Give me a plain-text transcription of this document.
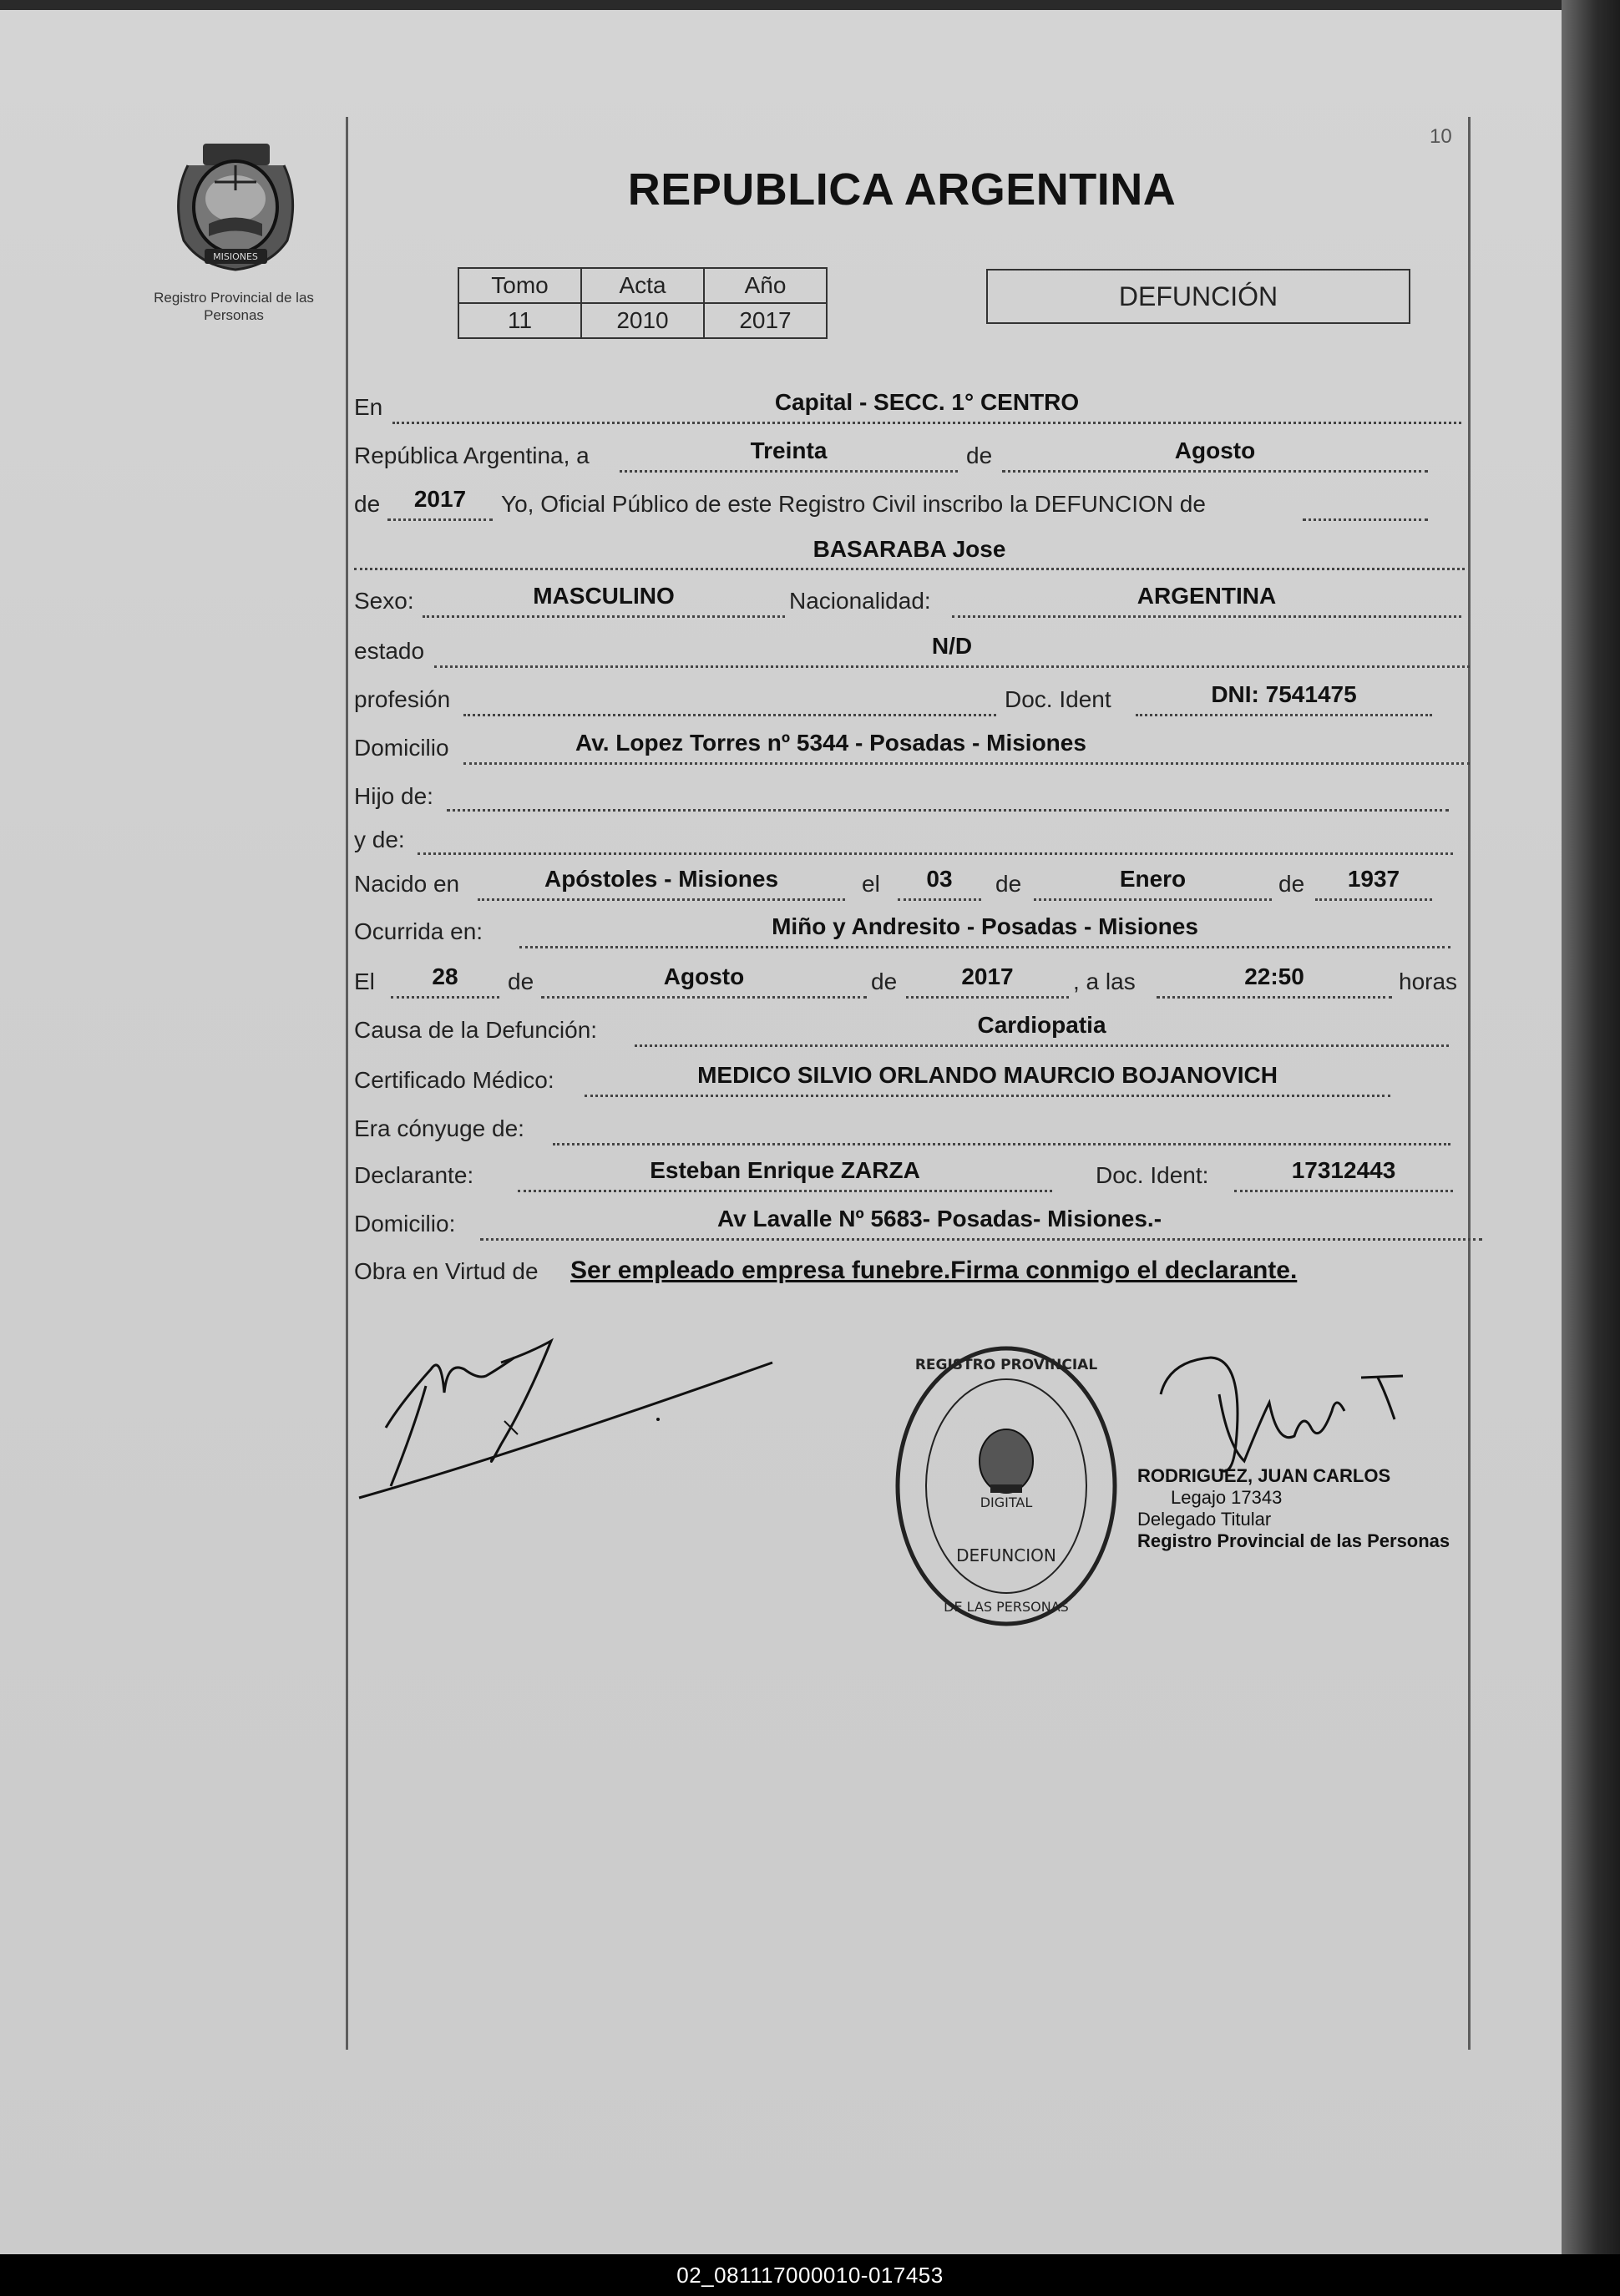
10
MISIONES
Registro Provincial de las Personas
REPUBLICA ARGENTINA
Tomo	Acta	Año
11	2010	2017
DEFUNCIÓN
En	Capital - SECC. 1° CENTRO
República Argentina, a	Treinta	de	Agosto
de	2017	Yo, Oficial Público de este Registro Civil inscribo la DEFUNCION de
BASARABA Jose
Sexo:	MASCULINO	Nacionalidad:	ARGENTINA
estado	N/D
profesión	Doc. Ident	DNI: 7541475
Domicilio	Av. Lopez Torres nº 5344 - Posadas - Misiones
Hijo de:
y de:
Nacido en	Apóstoles - Misiones	el	03	de	Enero	de	1937
Ocurrida en:	Miño y Andresito - Posadas - Misiones
El	28	de	Agosto	de	2017	, a las	22:50	horas
Causa de la Defunción:	Cardiopatia
Certificado Médico:	MEDICO SILVIO ORLANDO MAURCIO BOJANOVICH
Era cónyuge de:
Declarante:	Esteban Enrique ZARZA	Doc. Ident:	17312443
Domicilio:	Av Lavalle Nº 5683- Posadas- Misiones.-
Obra en Virtud de Ser empleado empresa funebre.Firma conmigo el declarante.
REGISTRO PROVINCIAL
DE LAS PERSONAS
DEFUNCION
DIGITAL
RODRIGUEZ, JUAN CARLOS
Legajo 17343
Delegado Titular
Registro Provincial de las Personas
02_081117000010-017453
